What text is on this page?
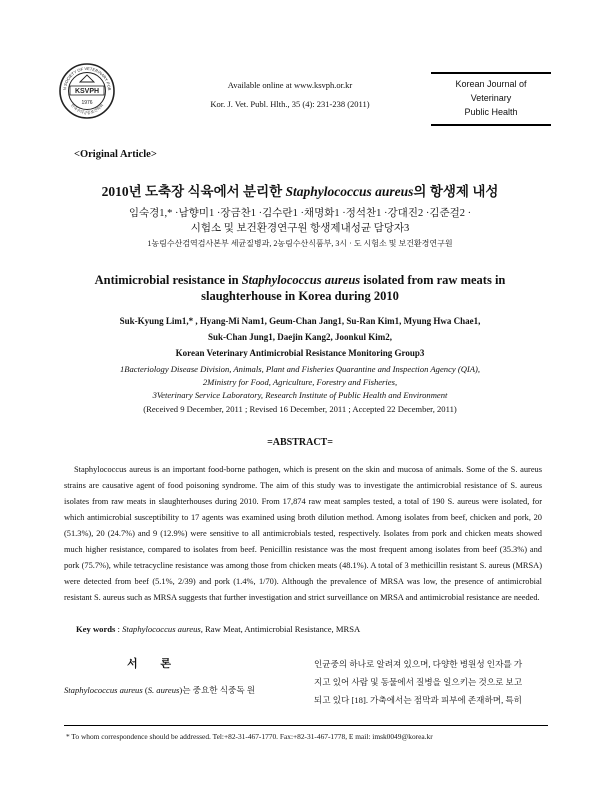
N SOCIETY OF VETERINARY PUB
한국수의공중보건학회
KSVPH
1976
Available online at www.ksvph.or.kr
Kor. J. Vet. Publ. Hlth., 35 (4): 231-238 (2011)
Korean Journal of
Veterinary
Public Health
<Original Article>
2010년 도축장 식육에서 분리한 Staphylococcus aureus의 항생제 내성
임숙경1,* ·남향미1 ·장금찬1 ·김수란1 ·채명화1 ·정석찬1 ·강대진2 ·김준걸2 ·
시험소 및 보건환경연구원 항생제내성균 담당자3
1농림수산검역검사본부 세균질병과, 2농림수산식품부, 3시 · 도 시험소 및 보건환경연구원
Antimicrobial resistance in Staphylococcus aureus isolated from raw meats in
slaughterhouse in Korea during 2010
Suk-Kyung Lim1,* , Hyang-Mi Nam1, Geum-Chan Jang1, Su-Ran Kim1, Myung Hwa Chae1,
Suk-Chan Jung1, Daejin Kang2, Joonkul Kim2,
Korean Veterinary Antimicrobial Resistance Monitoring Group3
1Bacteriology Disease Division, Animals, Plant and Fisheries Quarantine and Inspection Agency (QIA),
2Ministry for Food, Agriculture, Forestry and Fisheries,
3Veterinary Service Laboratory, Research Institute of Public Health and Environment
(Received 9 December, 2011 ; Revised 16 December, 2011 ; Accepted 22 December, 2011)
=ABSTRACT=
Staphylococcus aureus is an important food-borne pathogen, which is present on the skin and mucosa of animals. Some of the S. aureus strains are causative agent of food poisoning syndrome. The aim of this study was to investigate the antimicrobial resistance of S. aureus isolates from raw meats in slaughterhouses during 2010. From 17,874 raw meat samples tested, a total of 190 S. aureus were isolated, for which antimicrobial susceptibility to 17 agents was examined using broth dilution method. Among isolates from beef, chicken and pork, 20 (51.3%), 20 (24.7%) and 9 (12.9%) were sensitive to all antimicrobials tested, respectively. Isolates from pork and chicken meats showed much higher resistance, compared to isolates from beef. Penicillin resistance was the most frequent among isolates from beef (35.3%) and pork (75.7%), while tetracycline resistance was among those from chicken meats (48.1%). A total of 3 methicillin resistant S. aureus (MRSA) were detected from beef (5.1%, 2/39) and pork (1.4%, 1/70). Although the prevalence of MRSA was low, the presence of antimicrobial resistant S. aureus such as MRSA suggests that further investigation and strict surveillance on MRSA and antimicrobial resistance are needed.
Key words : Staphylococcus aureus, Raw Meat, Antimicrobial Resistance, MRSA
서 론
Staphylococcus aureus (S. aureus)는 중요한 식중독 원
인균중의 하나로 알려져 있으며, 다양한 병원성 인자를 가
지고 있어 사람 및 동물에서 질병을 일으키는 것으로 보고
되고 있다 [18]. 가축에서는 점막과 피부에 존재하며, 특히
* To whom correspondence should be addressed. Tel:+82-31-467-1770. Fax:+82-31-467-1778, E mail: imsk0049@korea.kr
